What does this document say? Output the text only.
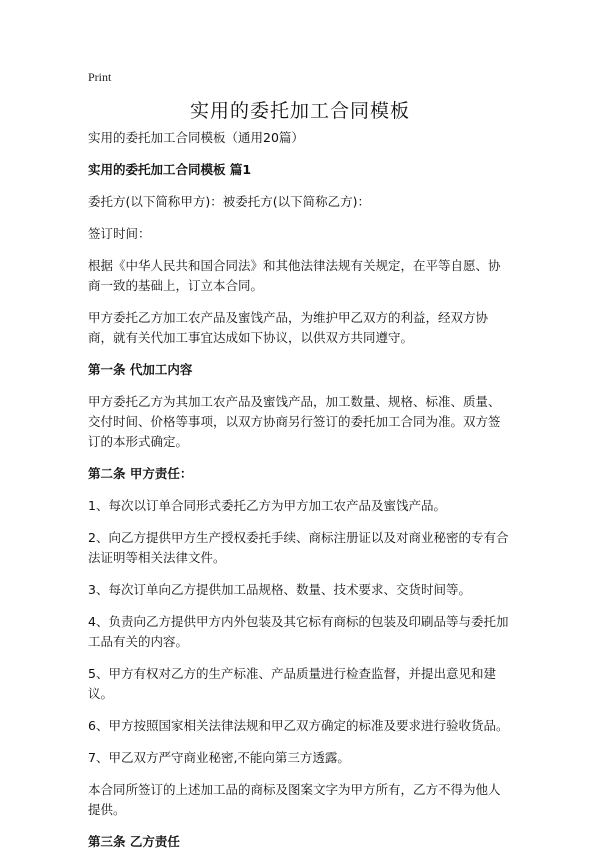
Print
实用的委托加工合同模板

实用的委托加工合同模板（通用20篇）

实用的委托加工合同模板 篇1

委托方(以下简称甲方)：被委托方(以下简称乙方)：

签订时间：

根据《中华人民共和国合同法》和其他法律法规有关规定，在平等自愿、协商一致的基础上，订立本合同。

甲方委托乙方加工农产品及蜜饯产品，为维护甲乙双方的利益，经双方协商，就有关代加工事宜达成如下协议，以供双方共同遵守。

第一条 代加工内容

甲方委托乙方为其加工农产品及蜜饯产品，加工数量、规格、标准、质量、交付时间、价格等事项，以双方协商另行签订的委托加工合同为准。双方签订的本形式确定。

第二条 甲方责任：

1、每次以订单合同形式委托乙方为甲方加工农产品及蜜饯产品。

2、向乙方提供甲方生产授权委托手续、商标注册证以及对商业秘密的专有合法证明等相关法律文件。

3、每次订单向乙方提供加工品规格、数量、技术要求、交货时间等。

4、负责向乙方提供甲方内外包装及其它标有商标的包装及印刷品等与委托加工品有关的内容。

5、甲方有权对乙方的生产标准、产品质量进行检查监督，并提出意见和建议。

6、甲方按照国家相关法律法规和甲乙双方确定的标准及要求进行验收货品。

7、甲乙双方严守商业秘密,不能向第三方透露。

本合同所签订的上述加工品的商标及图案文字为甲方所有，乙方不得为他人提供。

第三条 乙方责任
